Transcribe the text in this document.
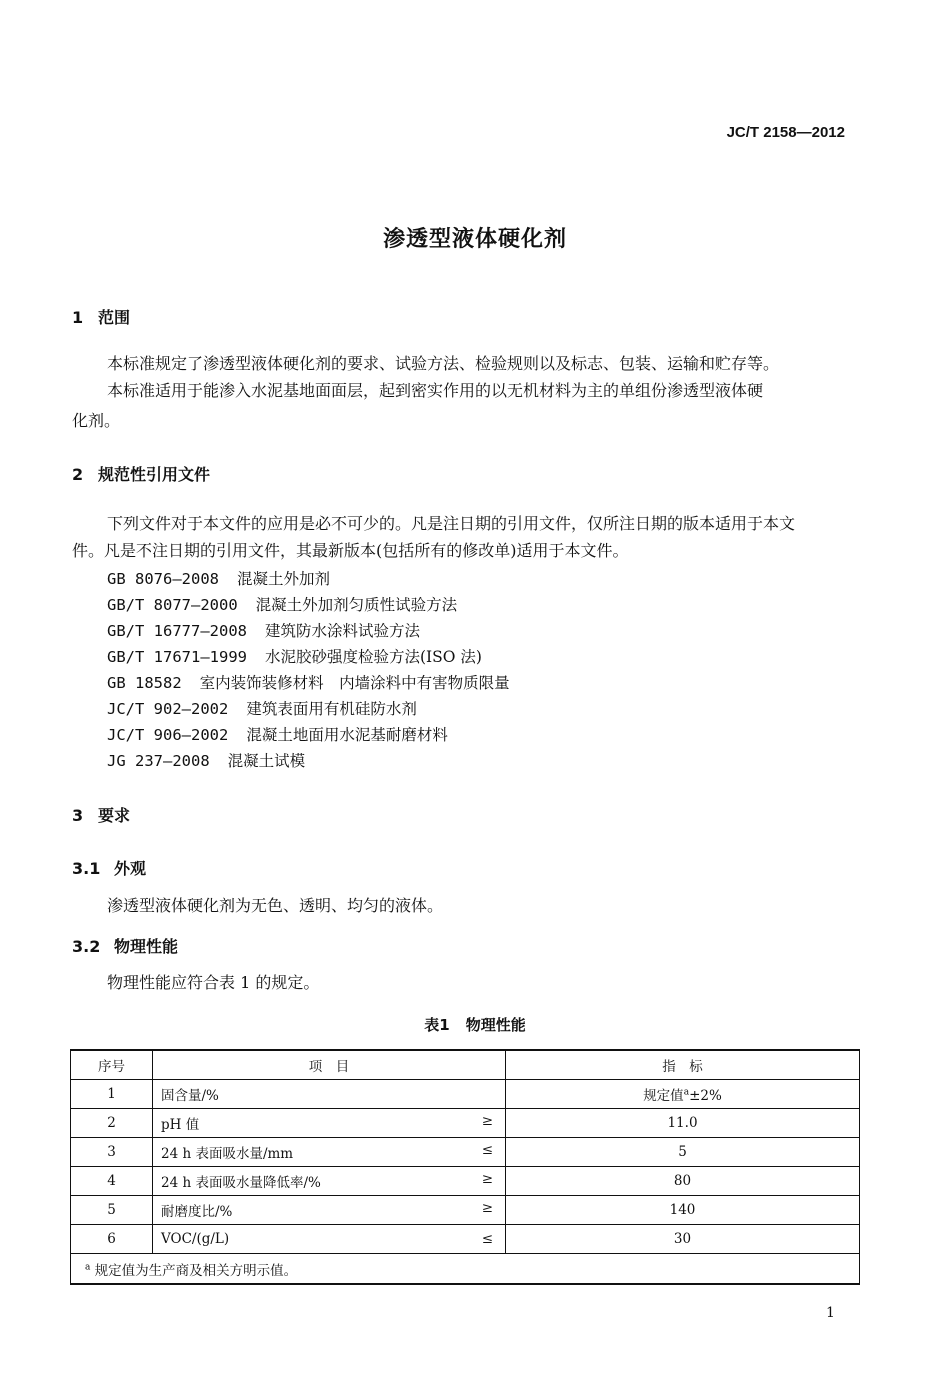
JC/T 2158—2012
渗透型液体硬化剂
1 范围
本标准规定了渗透型液体硬化剂的要求、试验方法、检验规则以及标志、包装、运输和贮存等。
本标准适用于能渗入水泥基地面面层，起到密实作用的以无机材料为主的单组份渗透型液体硬
化剂。
2 规范性引用文件
下列文件对于本文件的应用是必不可少的。凡是注日期的引用文件，仅所注日期的版本适用于本文
件。凡是不注日期的引用文件，其最新版本(包括所有的修改单)适用于本文件。
GB 8076—2008 混凝土外加剂
GB/T 8077—2000 混凝土外加剂匀质性试验方法
GB/T 16777—2008 建筑防水涂料试验方法
GB/T 17671—1999 水泥胶砂强度检验方法(ISO 法)
GB 18582 室内装饰装修材料　内墙涂料中有害物质限量
JC/T 902—2002 建筑表面用有机硅防水剂
JC/T 906—2002 混凝土地面用水泥基耐磨材料
JG 237—2008 混凝土试模
3 要求
3.1 外观
渗透型液体硬化剂为无色、透明、均匀的液体。
3.2 物理性能
物理性能应符合表 1 的规定。
表1 物理性能
序号	项　目	指　标
1	固含量/%	规定值$^a$±2%
2	pH 值 ≥	11.0
3	24 h 表面吸水量/mm ≤	5
4	24 h 表面吸水量降低率/% ≥	80
5	耐磨度比/% ≥	140
6	VOC/(g/L) ≤	30
$^a$ 规定值为生产商及相关方明示值。		
1
